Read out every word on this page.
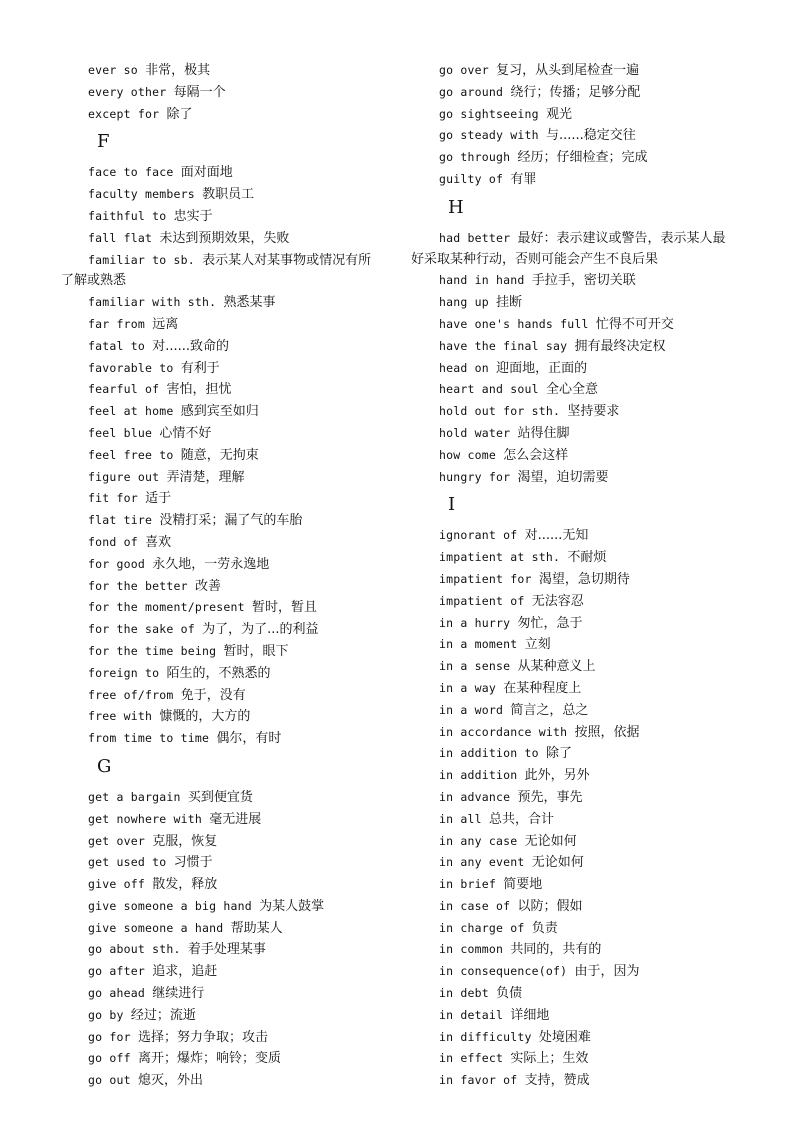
ever so 非常，极其
every other 每隔一个
except for 除了
F
face to face 面对面地
faculty members 教职员工
faithful to 忠实于
fall flat 未达到预期效果，失败
familiar to sb. 表示某人对某事物或情况有所
了解或熟悉
familiar with sth. 熟悉某事
far from 远离
fatal to 对......致命的
favorable to 有利于
fearful of 害怕，担忧
feel at home 感到宾至如归
feel blue 心情不好
feel free to 随意，无拘束
figure out 弄清楚，理解
fit for 适于
flat tire 没精打采；漏了气的车胎
fond of 喜欢
for good 永久地，一劳永逸地
for the better 改善
for the moment/present 暂时，暂且
for the sake of 为了，为了...的利益
for the time being 暂时，眼下
foreign to 陌生的，不熟悉的
free of/from 免于，没有
free with 慷慨的，大方的
from time to time 偶尔，有时
G
get a bargain 买到便宜货
get nowhere with 毫无进展
get over 克服，恢复
get used to 习惯于
give off 散发，释放
give someone a big hand 为某人鼓掌
give someone a hand 帮助某人
go about sth. 着手处理某事
go after 追求，追赶
go ahead 继续进行
go by 经过；流逝
go for 选择；努力争取；攻击
go off 离开；爆炸；响铃；变质
go out 熄灭，外出
go over 复习，从头到尾检查一遍
go around 绕行；传播；足够分配
go sightseeing 观光
go steady with 与......稳定交往
go through 经历；仔细检查；完成
guilty of 有罪
H
had better 最好：表示建议或警告，表示某人最
好采取某种行动，否则可能会产生不良后果
hand in hand 手拉手，密切关联
hang up 挂断
have one's hands full 忙得不可开交
have the final say 拥有最终决定权
head on 迎面地，正面的
heart and soul 全心全意
hold out for sth. 坚持要求
hold water 站得住脚
how come 怎么会这样
hungry for 渴望，迫切需要
I
ignorant of 对......无知
impatient at sth. 不耐烦
impatient for 渴望，急切期待
impatient of 无法容忍
in a hurry 匆忙，急于
in a moment 立刻
in a sense 从某种意义上
in a way 在某种程度上
in a word 简言之，总之
in accordance with 按照，依据
in addition to 除了
in addition 此外，另外
in advance 预先，事先
in all 总共，合计
in any case 无论如何
in any event 无论如何
in brief 简要地
in case of 以防；假如
in charge of 负责
in common 共同的，共有的
in consequence(of) 由于，因为
in debt 负债
in detail 详细地
in difficulty 处境困难
in effect 实际上；生效
in favor of 支持，赞成
